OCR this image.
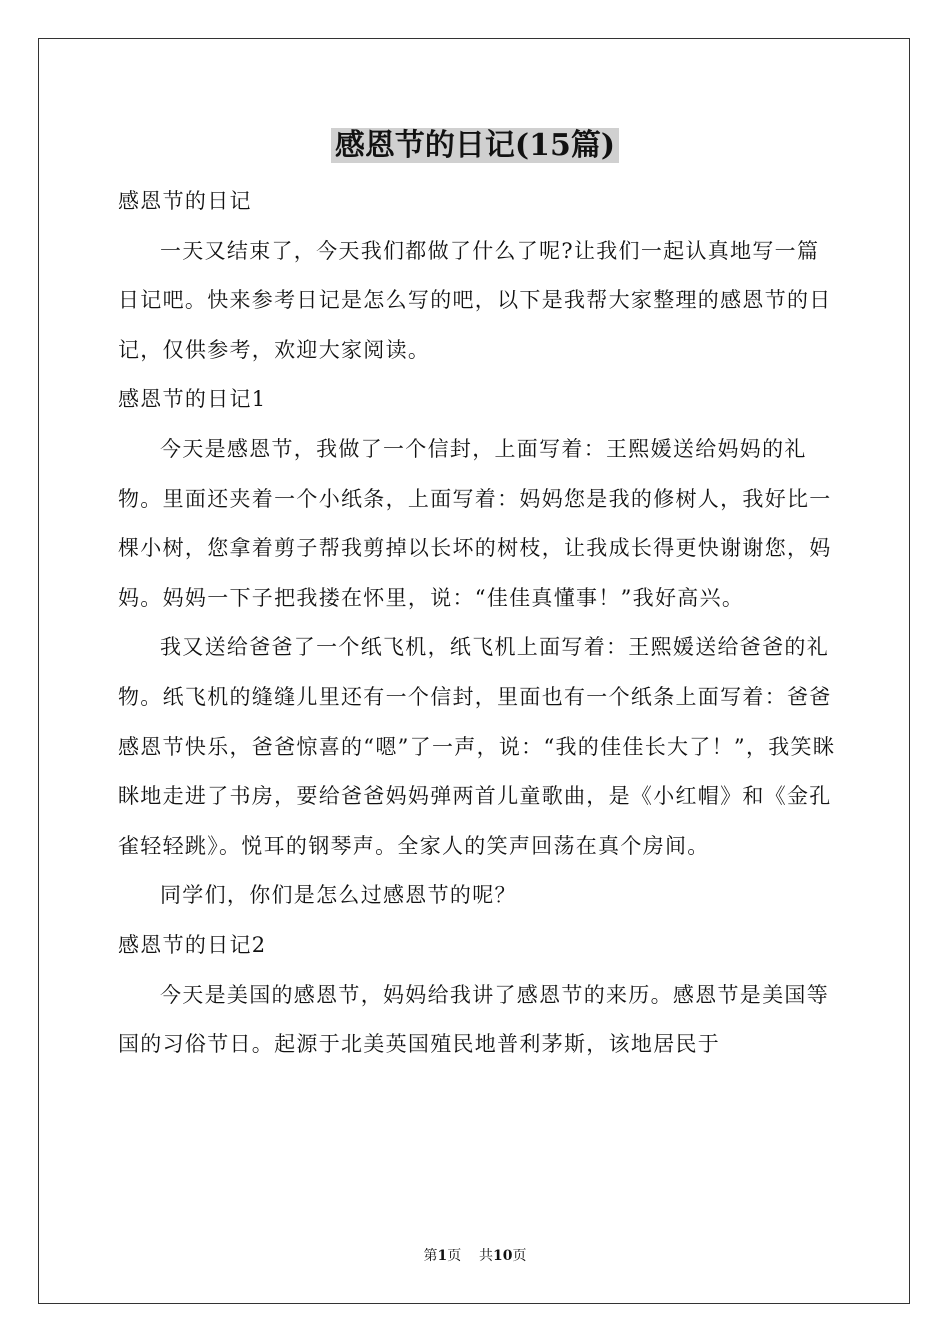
感恩节的日记(15篇)

感恩节的日记

一天又结束了，今天我们都做了什么了呢?让我们一起认真地写一篇日记吧。快来参考日记是怎么写的吧，以下是我帮大家整理的感恩节的日记，仅供参考，欢迎大家阅读。

感恩节的日记1

今天是感恩节，我做了一个信封，上面写着：王熙媛送给妈妈的礼物。里面还夹着一个小纸条，上面写着：妈妈您是我的修树人，我好比一棵小树，您拿着剪子帮我剪掉以长坏的树枝，让我成长得更快谢谢您，妈妈。妈妈一下子把我搂在怀里，说：“佳佳真懂事！”我好高兴。

我又送给爸爸了一个纸飞机，纸飞机上面写着：王熙媛送给爸爸的礼物。纸飞机的缝缝儿里还有一个信封，里面也有一个纸条上面写着：爸爸感恩节快乐，爸爸惊喜的“嗯”了一声，说：“我的佳佳长大了！”，我笑眯眯地走进了书房，要给爸爸妈妈弹两首儿童歌曲，是《小红帽》和《金孔雀轻轻跳》。悦耳的钢琴声。全家人的笑声回荡在真个房间。

同学们，你们是怎么过感恩节的呢？

感恩节的日记2

今天是美国的感恩节，妈妈给我讲了感恩节的来历。感恩节是美国等国的习俗节日。起源于北美英国殖民地普利茅斯，该地居民于

第1页 共10页
